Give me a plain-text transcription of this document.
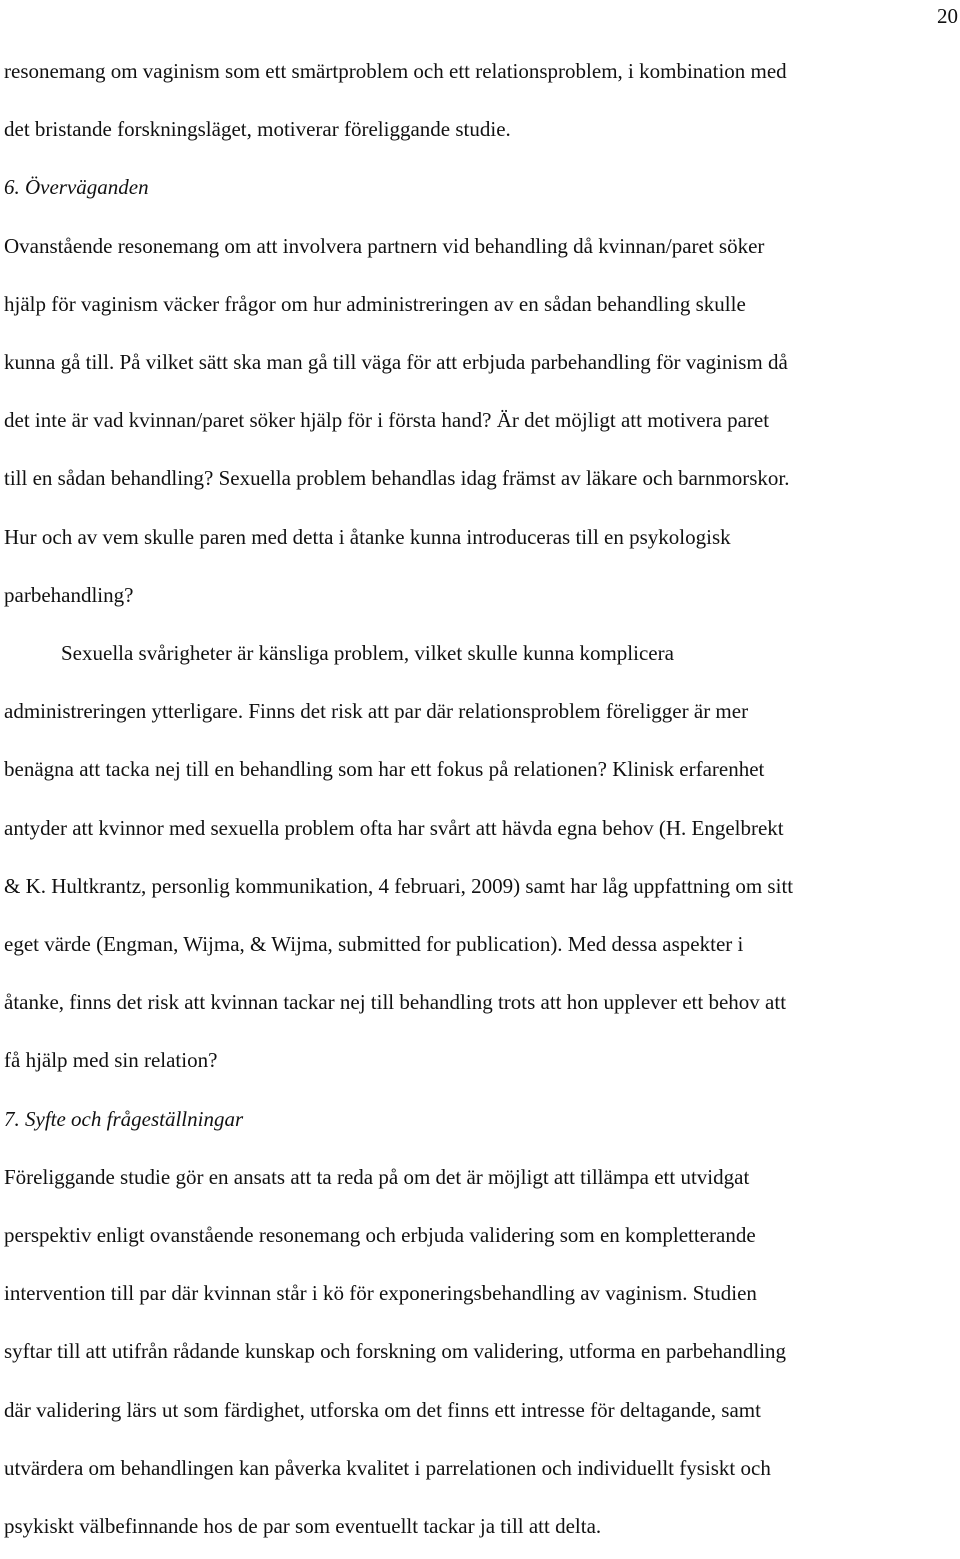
20
resonemang om vaginism som ett smärtproblem och ett relationsproblem, i kombination med
det bristande forskningsläget, motiverar föreliggande studie.
6. Överväganden
Ovanstående resonemang om att involvera partnern vid behandling då kvinnan/paret söker
hjälp för vaginism väcker frågor om hur administreringen av en sådan behandling skulle
kunna gå till. På vilket sätt ska man gå till väga för att erbjuda parbehandling för vaginism då
det inte är vad kvinnan/paret söker hjälp för i första hand? Är det möjligt att motivera paret
till en sådan behandling? Sexuella problem behandlas idag främst av läkare och barnmorskor.
Hur och av vem skulle paren med detta i åtanke kunna introduceras till en psykologisk
parbehandling?
Sexuella svårigheter är känsliga problem, vilket skulle kunna komplicera
administreringen ytterligare. Finns det risk att par där relationsproblem föreligger är mer
benägna att tacka nej till en behandling som har ett fokus på relationen? Klinisk erfarenhet
antyder att kvinnor med sexuella problem ofta har svårt att hävda egna behov (H. Engelbrekt
& K. Hultkrantz, personlig kommunikation, 4 februari, 2009) samt har låg uppfattning om sitt
eget värde (Engman, Wijma, & Wijma, submitted for publication). Med dessa aspekter i
åtanke, finns det risk att kvinnan tackar nej till behandling trots att hon upplever ett behov att
få hjälp med sin relation?
7. Syfte och frågeställningar
Föreliggande studie gör en ansats att ta reda på om det är möjligt att tillämpa ett utvidgat
perspektiv enligt ovanstående resonemang och erbjuda validering som en kompletterande
intervention till par där kvinnan står i kö för exponeringsbehandling av vaginism. Studien
syftar till att utifrån rådande kunskap och forskning om validering, utforma en parbehandling
där validering lärs ut som färdighet, utforska om det finns ett intresse för deltagande, samt
utvärdera om behandlingen kan påverka kvalitet i parrelationen och individuellt fysiskt och
psykiskt välbefinnande hos de par som eventuellt tackar ja till att delta.
